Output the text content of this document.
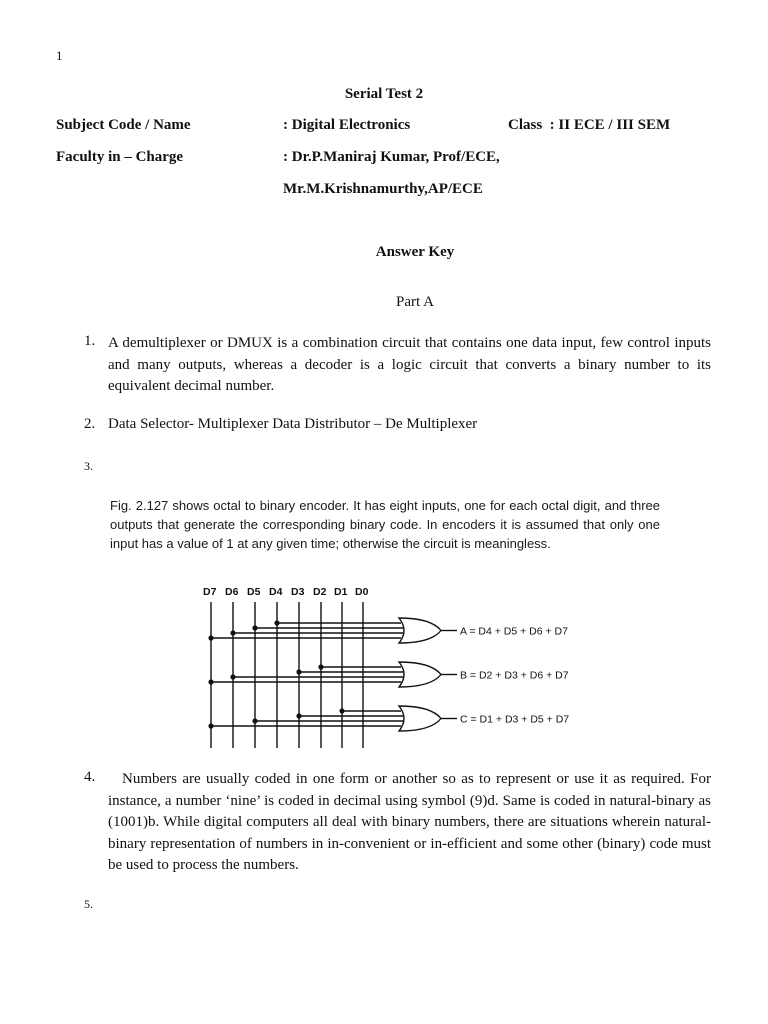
1
Serial Test 2
Subject Code / Name	: Digital Electronics	Class  : II ECE / III SEM
Faculty in – Charge	: Dr.P.Maniraj Kumar, Prof/ECE,
Mr.M.Krishnamurthy,AP/ECE
Answer Key
Part A
1. A demultiplexer or DMUX is a combination circuit that contains one data input, few control inputs and many outputs, whereas a decoder is a logic circuit that converts a binary number to its equivalent decimal number.
2. Data Selector- Multiplexer Data Distributor – De Multiplexer
3.
Fig. 2.127 shows octal to binary encoder. It has eight inputs, one for each octal digit, and three outputs that generate the corresponding binary code. In encoders it is assumed that only one input has a value of 1 at any given time; otherwise the circuit is meaningless.
D7 D6 D5 D4 D3 D2 D1 D0
A = D4 + D5 + D6 + D7
B = D2 + D3 + D6 + D7
C = D1 + D3 + D5 + D7
4.	Numbers are usually coded in one form or another so as to represent or use it as required. For instance, a number ‘nine’ is coded in decimal using symbol (9)d. Same is coded in natural-binary as (1001)b. While digital computers all deal with binary numbers, there are situations wherein natural-binary representation of numbers in in-convenient or in-efficient and some other (binary) code must be used to process the numbers.
5.
